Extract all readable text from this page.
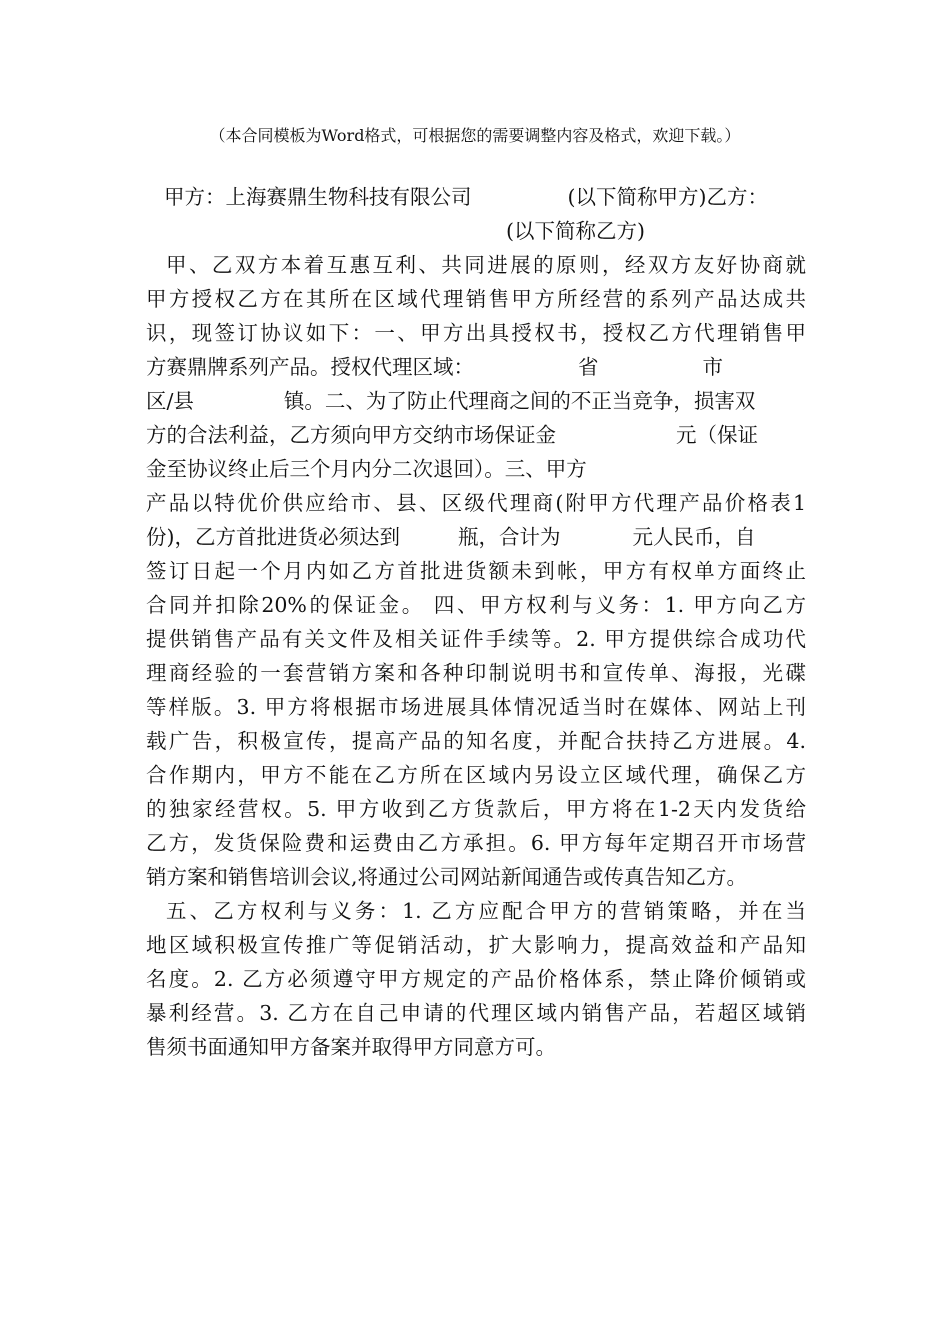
（本合同模板为Word格式，可根据您的需要调整内容及格式，欢迎下载。）
甲方：上海赛鼎生物科技有限公司	(以下简称甲方)乙方：
(以下简称乙方)
甲、乙双方本着互惠互利、共同进展的原则，经双方友好协商就
甲方授权乙方在其所在区域代理销售甲方所经营的系列产品达成共
识，现签订协议如下：一、甲方出具授权书，授权乙方代理销售甲
方赛鼎牌系列产品。授权代理区域：	省	市
区/县	镇。二、为了防止代理商之间的不正当竞争，损害双
方的合法利益，乙方须向甲方交纳市场保证金	元（保证
金至协议终止后三个月内分二次退回）。三、甲方
产品以特优价供应给市、县、区级代理商(附甲方代理产品价格表1
份)，乙方首批进货必须达到	瓶，合计为	元人民币，自
签订日起一个月内如乙方首批进货额未到帐，甲方有权单方面终止
合同并扣除20%的保证金。 四、甲方权利与义务：1. 甲方向乙方
提供销售产品有关文件及相关证件手续等。2. 甲方提供综合成功代
理商经验的一套营销方案和各种印制说明书和宣传单、海报，光碟
等样版。3. 甲方将根据市场进展具体情况适当时在媒体、网站上刊
载广告，积极宣传，提高产品的知名度，并配合扶持乙方进展。4.
合作期内，甲方不能在乙方所在区域内另设立区域代理，确保乙方
的独家经营权。5. 甲方收到乙方货款后，甲方将在1-2天内发货给
乙方，发货保险费和运费由乙方承担。6. 甲方每年定期召开市场营
销方案和销售培训会议,将通过公司网站新闻通告或传真告知乙方。
五、乙方权利与义务：1. 乙方应配合甲方的营销策略，并在当
地区域积极宣传推广等促销活动，扩大影响力，提高效益和产品知
名度。2. 乙方必须遵守甲方规定的产品价格体系，禁止降价倾销或
暴利经营。3. 乙方在自己申请的代理区域内销售产品，若超区域销
售须书面通知甲方备案并取得甲方同意方可。
